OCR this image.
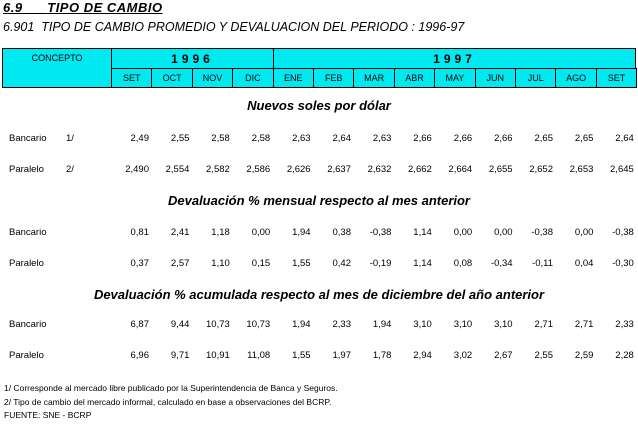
6.9 TIPO DE CAMBIO
6.901 TIPO DE CAMBIO PROMEDIO Y DEVALUACION DEL PERIODO : 1996-97
CONCEPTO	1996	1997
SET	OCT	NOV	DIC	ENE	FEB	MAR	ABR	MAY	JUN	JUL	AGO	SET
Nuevos soles por dólar
Bancario 1/	2,49	2,55	2,58	2,58	2,63	2,64	2,63	2,66	2,66	2,66	2,65	2,65	2,64
Paralelo 2/	2,490	2,554	2,582	2,586	2,626	2,637	2,632	2,662	2,664	2,655	2,652	2,653	2,645
Devaluación % mensual respecto al mes anterior
Bancario	0,81	2,41	1,18	0,00	1,94	0,38	-0,38	1,14	0,00	0,00	-0,38	0,00	-0,38
Paralelo	0,37	2,57	1,10	0,15	1,55	0,42	-0,19	1,14	0,08	-0,34	-0,11	0,04	-0,30
Devaluación % acumulada respecto al mes de diciembre del año anterior
Bancario	6,87	9,44	10,73	10,73	1,94	2,33	1,94	3,10	3,10	3,10	2,71	2,71	2,33
Paralelo	6,96	9,71	10,91	11,08	1,55	1,97	1,78	2,94	3,02	2,67	2,55	2,59	2,28
1/ Corresponde al mercado libre publicado por la Superintendencia de Banca y Seguros.
2/ Tipo de cambio del mercado informal, calculado en base a observaciones del BCRP.
FUENTE: SNE - BCRP
